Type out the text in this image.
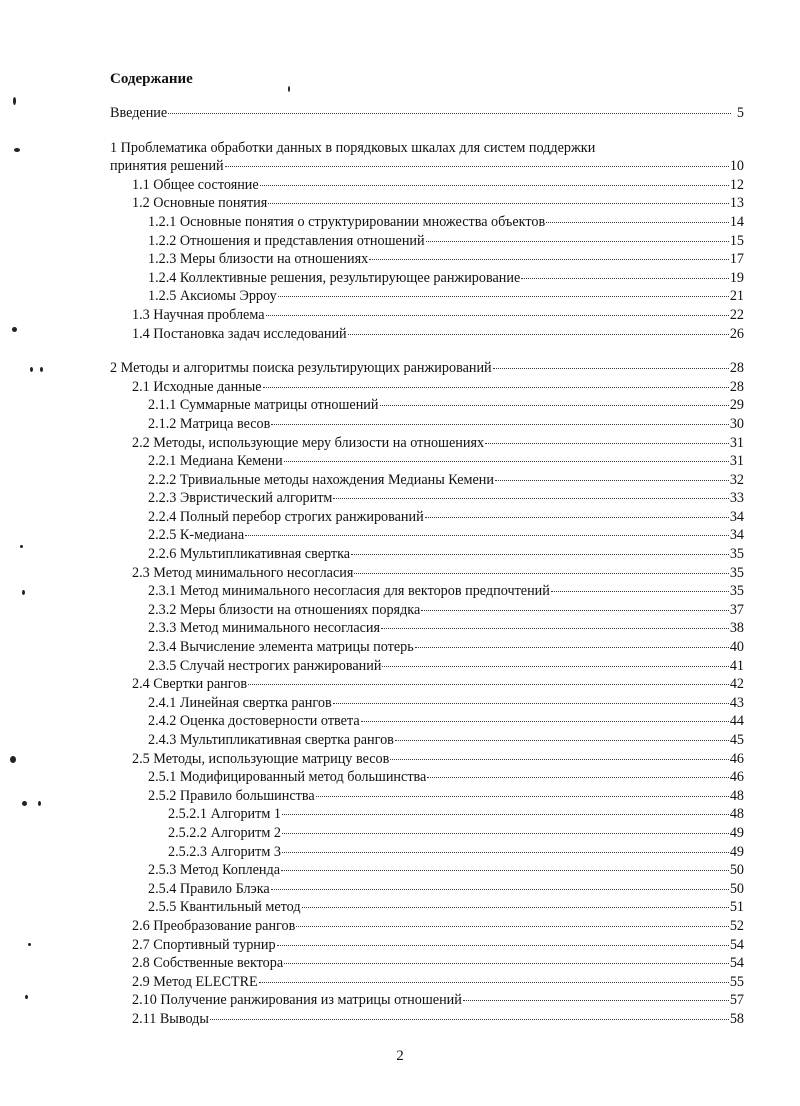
Содержание
Введение	5
1 Проблематика обработки данных в порядковых шкалах для систем поддержки
принятия решений	10
1.1 Общее состояние	12
1.2 Основные понятия	13
1.2.1 Основные понятия о структурировании множества объектов	14
1.2.2 Отношения и представления отношений	15
1.2.3 Меры близости на отношениях	17
1.2.4 Коллективные решения, результирующее ранжирование	19
1.2.5 Аксиомы Эрроу	21
1.3 Научная проблема	22
1.4 Постановка задач исследований	26
2 Методы и алгоритмы поиска результирующих ранжирований	28
2.1 Исходные данные	28
2.1.1 Суммарные матрицы отношений	29
2.1.2 Матрица весов	30
2.2 Методы, использующие меру близости на отношениях	31
2.2.1 Медиана Кемени	31
2.2.2 Тривиальные методы нахождения Медианы Кемени	32
2.2.3 Эвристический алгоритм	33
2.2.4 Полный перебор строгих ранжирований	34
2.2.5 К-медиана	34
2.2.6 Мультипликативная свертка	35
2.3 Метод минимального несогласия	35
2.3.1 Метод минимального несогласия для векторов предпочтений	35
2.3.2 Меры близости на отношениях порядка	37
2.3.3 Метод минимального несогласия	38
2.3.4 Вычисление элемента матрицы потерь	40
2.3.5 Случай нестрогих ранжирований	41
2.4 Свертки рангов	42
2.4.1 Линейная свертка рангов	43
2.4.2 Оценка достоверности ответа	44
2.4.3 Мультипликативная свертка рангов	45
2.5 Методы, использующие матрицу весов	46
2.5.1 Модифицированный метод большинства	46
2.5.2 Правило большинства	48
2.5.2.1 Алгоритм 1	48
2.5.2.2 Алгоритм 2	49
2.5.2.3 Алгоритм 3	49
2.5.3 Метод Копленда	50
2.5.4 Правило Блэка	50
2.5.5 Квантильный метод	51
2.6 Преобразование рангов	52
2.7 Спортивный турнир	54
2.8 Собственные вектора	54
2.9 Метод ELECTRE	55
2.10 Получение ранжирования из матрицы отношений	57
2.11 Выводы	58
2
